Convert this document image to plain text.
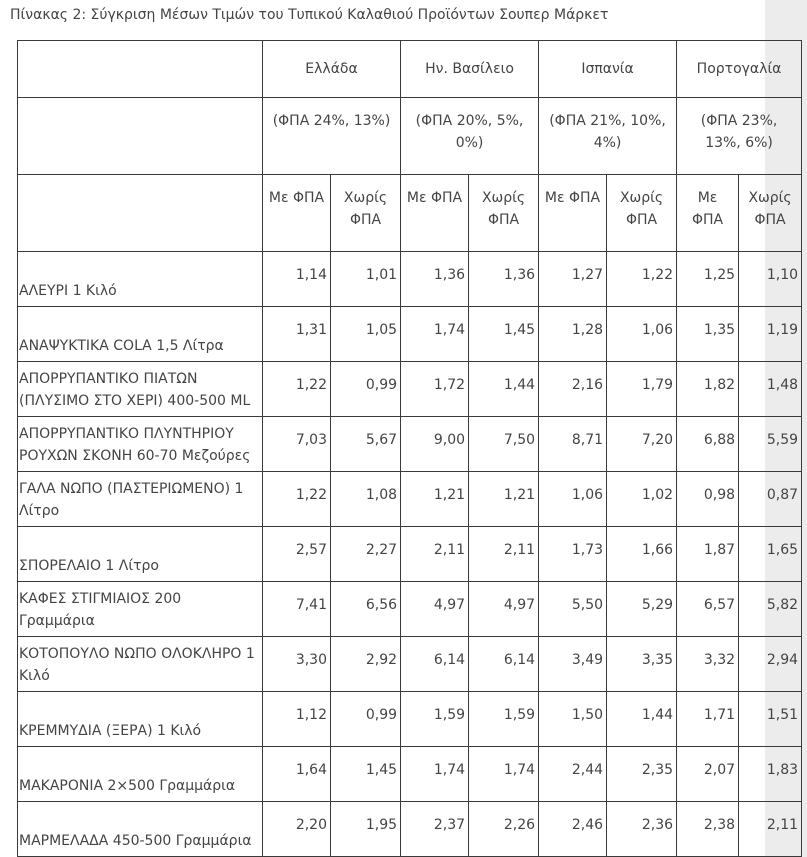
Πίνακας 2: Σύγκριση Μέσων Τιμών του Τυπικού Καλαθιού Προϊόντων Σουπερ Μάρκετ
	Ελλάδα		Ην. Βασίλειο		Ισπανία		Πορτογαλία	
	(ΦΠΑ 24%, 13%)		(ΦΠΑ 20%, 5%, 0%)		(ΦΠΑ 21%, 10%, 4%)		(ΦΠΑ 23%, 13%, 6%)	
	Με ΦΠΑ	Χωρίς ΦΠΑ	Με ΦΠΑ	Χωρίς ΦΠΑ	Με ΦΠΑ	Χωρίς ΦΠΑ	Με ΦΠΑ	Χωρίς ΦΠΑ
ΑΛΕΥΡΙ 1 Κιλό	1,14	1,01	1,36	1,36	1,27	1,22	1,25	1,10
ΑΝΑΨΥΚΤΙΚΑ COLA 1,5 Λίτρα	1,31	1,05	1,74	1,45	1,28	1,06	1,35	1,19
ΑΠΟΡΡΥΠΑΝΤΙΚΟ ΠΙΑΤΩΝ (ΠΛΥΣΙΜΟ ΣΤΟ ΧΕΡΙ) 400-500 ML	1,22	0,99	1,72	1,44	2,16	1,79	1,82	1,48
ΑΠΟΡΡΥΠΑΝΤΙΚΟ ΠΛΥΝΤΗΡΙΟΥ ΡΟΥΧΩΝ ΣΚΟΝΗ 60-70 Μεζούρες	7,03	5,67	9,00	7,50	8,71	7,20	6,88	5,59
ΓΑΛΑ ΝΩΠΟ (ΠΑΣΤΕΡΙΩΜΕΝΟ) 1 Λίτρο	1,22	1,08	1,21	1,21	1,06	1,02	0,98	0,87
ΣΠΟΡΕΛΑΙΟ 1 Λίτρο	2,57	2,27	2,11	2,11	1,73	1,66	1,87	1,65
ΚΑΦΕΣ ΣΤΙΓΜΙΑΙΟΣ 200 Γραμμάρια	7,41	6,56	4,97	4,97	5,50	5,29	6,57	5,82
ΚΟΤΟΠΟΥΛΟ ΝΩΠΟ ΟΛΟΚΛΗΡΟ 1 Κιλό	3,30	2,92	6,14	6,14	3,49	3,35	3,32	2,94
ΚΡΕΜΜΥΔΙΑ (ΞΕΡΑ) 1 Κιλό	1,12	0,99	1,59	1,59	1,50	1,44	1,71	1,51
ΜΑΚΑΡΟΝΙΑ 2×500 Γραμμάρια	1,64	1,45	1,74	1,74	2,44	2,35	2,07	1,83
ΜΑΡΜΕΛΑΔΑ 450-500 Γραμμάρια	2,20	1,95	2,37	2,26	2,46	2,36	2,38	2,11
